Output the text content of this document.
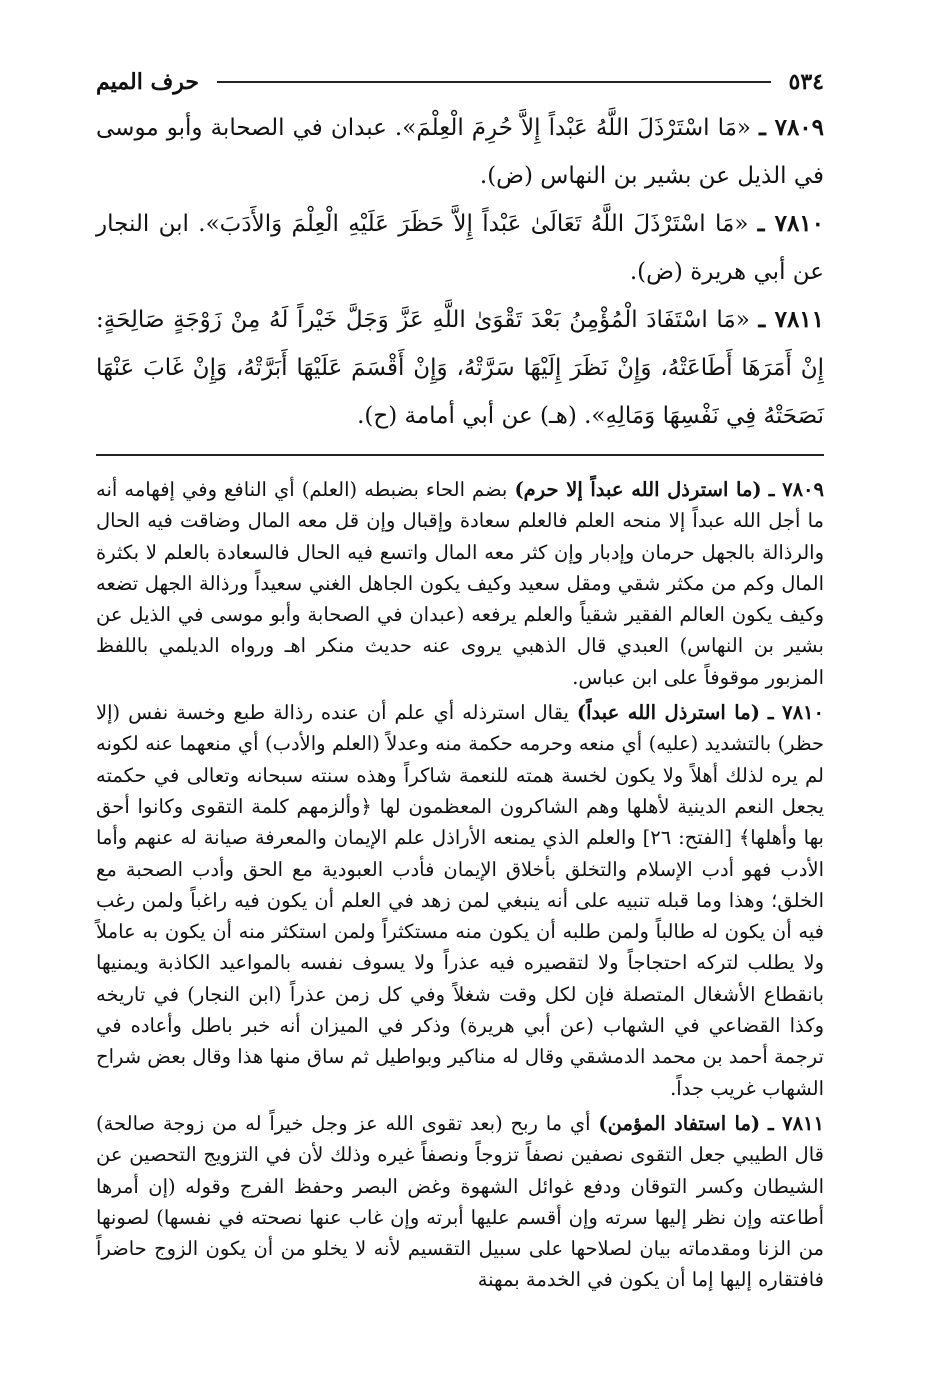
٥٣٤
حرف الميم

٧٨٠٩ ـ «مَا اسْتَرْذَلَ اللَّهُ عَبْداً إِلاَّ حُرِمَ الْعِلْمَ». عبدان في الصحابة وأبو موسى في الذيل عن بشير بن النهاس (ض).

٧٨١٠ ـ «مَا اسْتَرْذَلَ اللَّهُ تَعَالَىٰ عَبْداً إِلاَّ حَظَرَ عَلَيْهِ الْعِلْمَ وَالأَدَبَ». ابن النجار عن أبي هريرة (ض).

٧٨١١ ـ «مَا اسْتَفَادَ الْمُؤْمِنُ بَعْدَ تَقْوَىٰ اللَّهِ عَزَّ وَجَلَّ خَيْراً لَهُ مِنْ زَوْجَةٍ صَالِحَةٍ: إِنْ أَمَرَهَا أَطَاعَتْهُ، وَإِنْ نَظَرَ إِلَيْهَا سَرَّتْهُ، وَإِنْ أَقْسَمَ عَلَيْهَا أَبَرَّتْهُ، وَإِنْ غَابَ عَنْهَا نَصَحَتْهُ فِي نَفْسِهَا وَمَالِهِ». (هـ) عن أبي أمامة (ح).

٧٨٠٩ ـ (ما استرذل الله عبداً إلا حرم) بضم الحاء بضبطه (العلم) أي النافع وفي إفهامه أنه ما أجل الله عبداً إلا منحه العلم فالعلم سعادة وإقبال وإن قل معه المال وضاقت فيه الحال والرذالة بالجهل حرمان وإدبار وإن كثر معه المال واتسع فيه الحال فالسعادة بالعلم لا بكثرة المال وكم من مكثر شقي ومقل سعيد وكيف يكون الجاهل الغني سعيداً ورذالة الجهل تضعه وكيف يكون العالم الفقير شقياً والعلم يرفعه (عبدان في الصحابة وأبو موسى في الذيل عن بشير بن النهاس) العبدي قال الذهبي يروى عنه حديث منكر اهـ ورواه الديلمي باللفظ المزبور موقوفاً على ابن عباس.

٧٨١٠ ـ (ما استرذل الله عبداً) يقال استرذله أي علم أن عنده رذالة طبع وخسة نفس (إلا حظر) بالتشديد (عليه) أي منعه وحرمه حكمة منه وعدلاً (العلم والأدب) أي منعهما عنه لكونه لم يره لذلك أهلاً ولا يكون لخسة همته للنعمة شاكراً وهذه سنته سبحانه وتعالى في حكمته يجعل النعم الدينية لأهلها وهم الشاكرون المعظمون لها ﴿وألزمهم كلمة التقوى وكانوا أحق بها وأهلها﴾ [الفتح: ٢٦] والعلم الذي يمنعه الأراذل علم الإيمان والمعرفة صيانة له عنهم وأما الأدب فهو أدب الإسلام والتخلق بأخلاق الإيمان فأدب العبودية مع الحق وأدب الصحبة مع الخلق؛ وهذا وما قبله تنبيه على أنه ينبغي لمن زهد في العلم أن يكون فيه راغباً ولمن رغب فيه أن يكون له طالباً ولمن طلبه أن يكون منه مستكثراً ولمن استكثر منه أن يكون به عاملاً ولا يطلب لتركه احتجاجاً ولا لتقصيره فيه عذراً ولا يسوف نفسه بالمواعيد الكاذبة ويمنيها بانقطاع الأشغال المتصلة فإن لكل وقت شغلاً وفي كل زمن عذراً (ابن النجار) في تاريخه وكذا القضاعي في الشهاب (عن أبي هريرة) وذكر في الميزان أنه خبر باطل وأعاده في ترجمة أحمد بن محمد الدمشقي وقال له مناكير وبواطيل ثم ساق منها هذا وقال بعض شراح الشهاب غريب جداً.

٧٨١١ ـ (ما استفاد المؤمن) أي ما ربح (بعد تقوى الله عز وجل خيراً له من زوجة صالحة) قال الطيبي جعل التقوى نصفين نصفاً تزوجاً ونصفاً غيره وذلك لأن في التزويج التحصين عن الشيطان وكسر التوقان ودفع غوائل الشهوة وغض البصر وحفظ الفرج وقوله (إن أمرها أطاعته وإن نظر إليها سرته وإن أقسم عليها أبرته وإن غاب عنها نصحته في نفسها) لصونها من الزنا ومقدماته بيان لصلاحها على سبيل التقسيم لأنه لا يخلو من أن يكون الزوج حاضراً فافتقاره إليها إما أن يكون في الخدمة بمهنة
